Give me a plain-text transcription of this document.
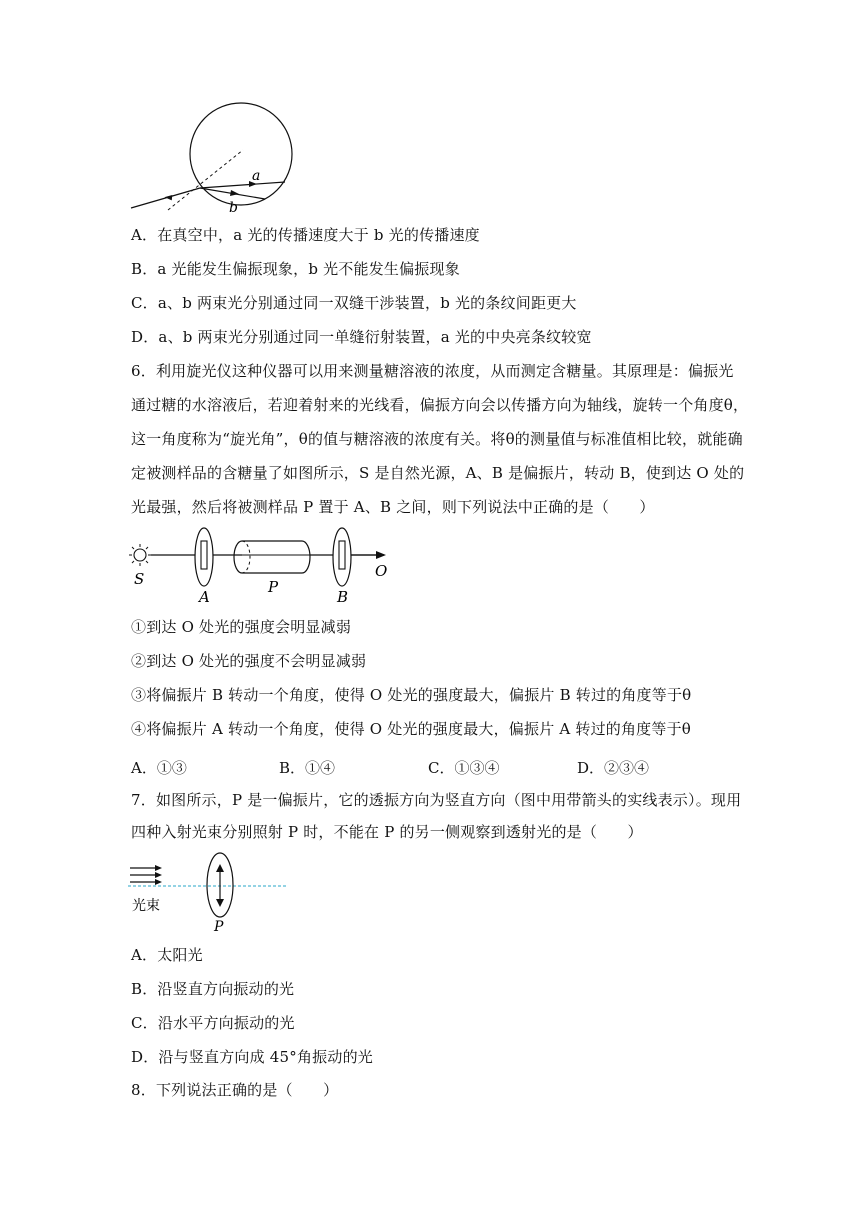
a
b
A．在真空中，a 光的传播速度大于 b 光的传播速度
B．a 光能发生偏振现象，b 光不能发生偏振现象
C．a、b 两束光分别通过同一双缝干涉装置，b 光的条纹间距更大
D．a、b 两束光分别通过同一单缝衍射装置，a 光的中央亮条纹较宽
6．利用旋光仪这种仪器可以用来测量糖溶液的浓度，从而测定含糖量。其原理是：偏振光
通过糖的水溶液后，若迎着射来的光线看，偏振方向会以传播方向为轴线，旋转一个角度θ，
这一角度称为“旋光角”，θ的值与糖溶液的浓度有关。将θ的测量值与标准值相比较，就能确
定被测样品的含糖量了如图所示，S 是自然光源，A、B 是偏振片，转动 B，使到达 O 处的
光最强，然后将被测样品 P 置于 A、B 之间，则下列说法中正确的是（　　）
S
A
P
B
O
①到达 O 处光的强度会明显减弱
②到达 O 处光的强度不会明显减弱
③将偏振片 B 转动一个角度，使得 O 处光的强度最大，偏振片 B 转过的角度等于θ
④将偏振片 A 转动一个角度，使得 O 处光的强度最大，偏振片 A 转过的角度等于θ
A．①③	B．①④	C．①③④	D．②③④
7．如图所示，P 是一偏振片，它的透振方向为竖直方向（图中用带箭头的实线表示）。现用
四种入射光束分别照射 P 时，不能在 P 的另一侧观察到透射光的是（　　）
光束
P
A．太阳光
B．沿竖直方向振动的光
C．沿水平方向振动的光
D．沿与竖直方向成 45°角振动的光
8．下列说法正确的是（　　）
